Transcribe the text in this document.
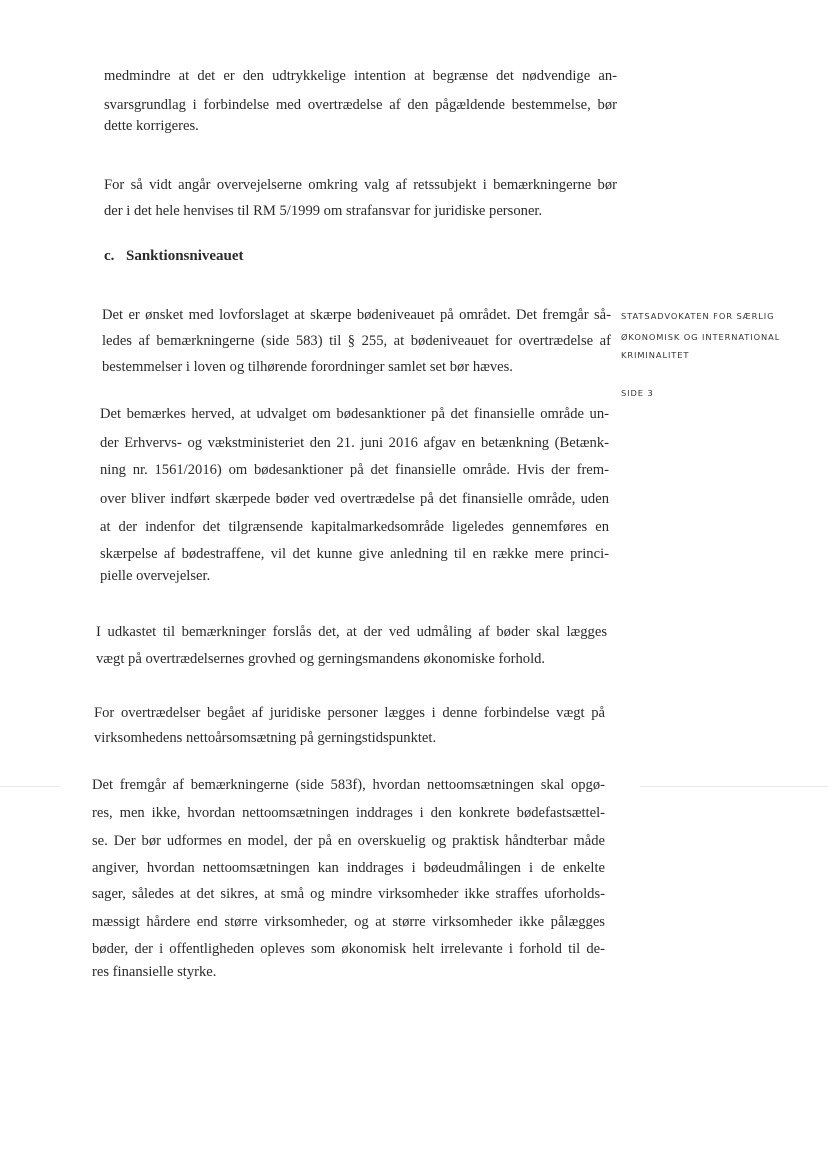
medmindre at det er den udtrykkelige intention at begrænse det nødvendige an-
svarsgrundlag i forbindelse med overtrædelse af den pågældende bestemmelse, bør
dette korrigeres.
For så vidt angår overvejelserne omkring valg af retssubjekt i bemærkningerne bør
der i det hele henvises til RM 5/1999 om strafansvar for juridiske personer.
c. Sanktionsniveauet
Det er ønsket med lovforslaget at skærpe bødeniveauet på området. Det fremgår så-
ledes af bemærkningerne (side 583) til § 255, at bødeniveauet for overtrædelse af
bestemmelser i loven og tilhørende forordninger samlet set bør hæves.
Det bemærkes herved, at udvalget om bødesanktioner på det finansielle område un-
der Erhvervs- og vækstministeriet den 21. juni 2016 afgav en betænkning (Betænk-
ning nr. 1561/2016) om bødesanktioner på det finansielle område. Hvis der frem-
over bliver indført skærpede bøder ved overtrædelse på det finansielle område, uden
at der indenfor det tilgrænsende kapitalmarkedsområde ligeledes gennemføres en
skærpelse af bødestraffene, vil det kunne give anledning til en række mere princi-
pielle overvejelser.
I udkastet til bemærkninger forslås det, at der ved udmåling af bøder skal lægges
vægt på overtrædelsernes grovhed og gerningsmandens økonomiske forhold.
For overtrædelser begået af juridiske personer lægges i denne forbindelse vægt på
virksomhedens nettoårsomsætning på gerningstidspunktet.
Det fremgår af bemærkningerne (side 583f), hvordan nettoomsætningen skal opgø-
res, men ikke, hvordan nettoomsætningen inddrages i den konkrete bødefastsættel-
se. Der bør udformes en model, der på en overskuelig og praktisk håndterbar måde
angiver, hvordan nettoomsætningen kan inddrages i bødeudmålingen i de enkelte
sager, således at det sikres, at små og mindre virksomheder ikke straffes uforholds-
mæssigt hårdere end større virksomheder, og at større virksomheder ikke pålægges
bøder, der i offentligheden opleves som økonomisk helt irrelevante i forhold til de-
res finansielle styrke.
STATSADVOKATEN FOR SÆRLIG
ØKONOMISK OG INTERNATIONAL
KRIMINALITET
SIDE 3
